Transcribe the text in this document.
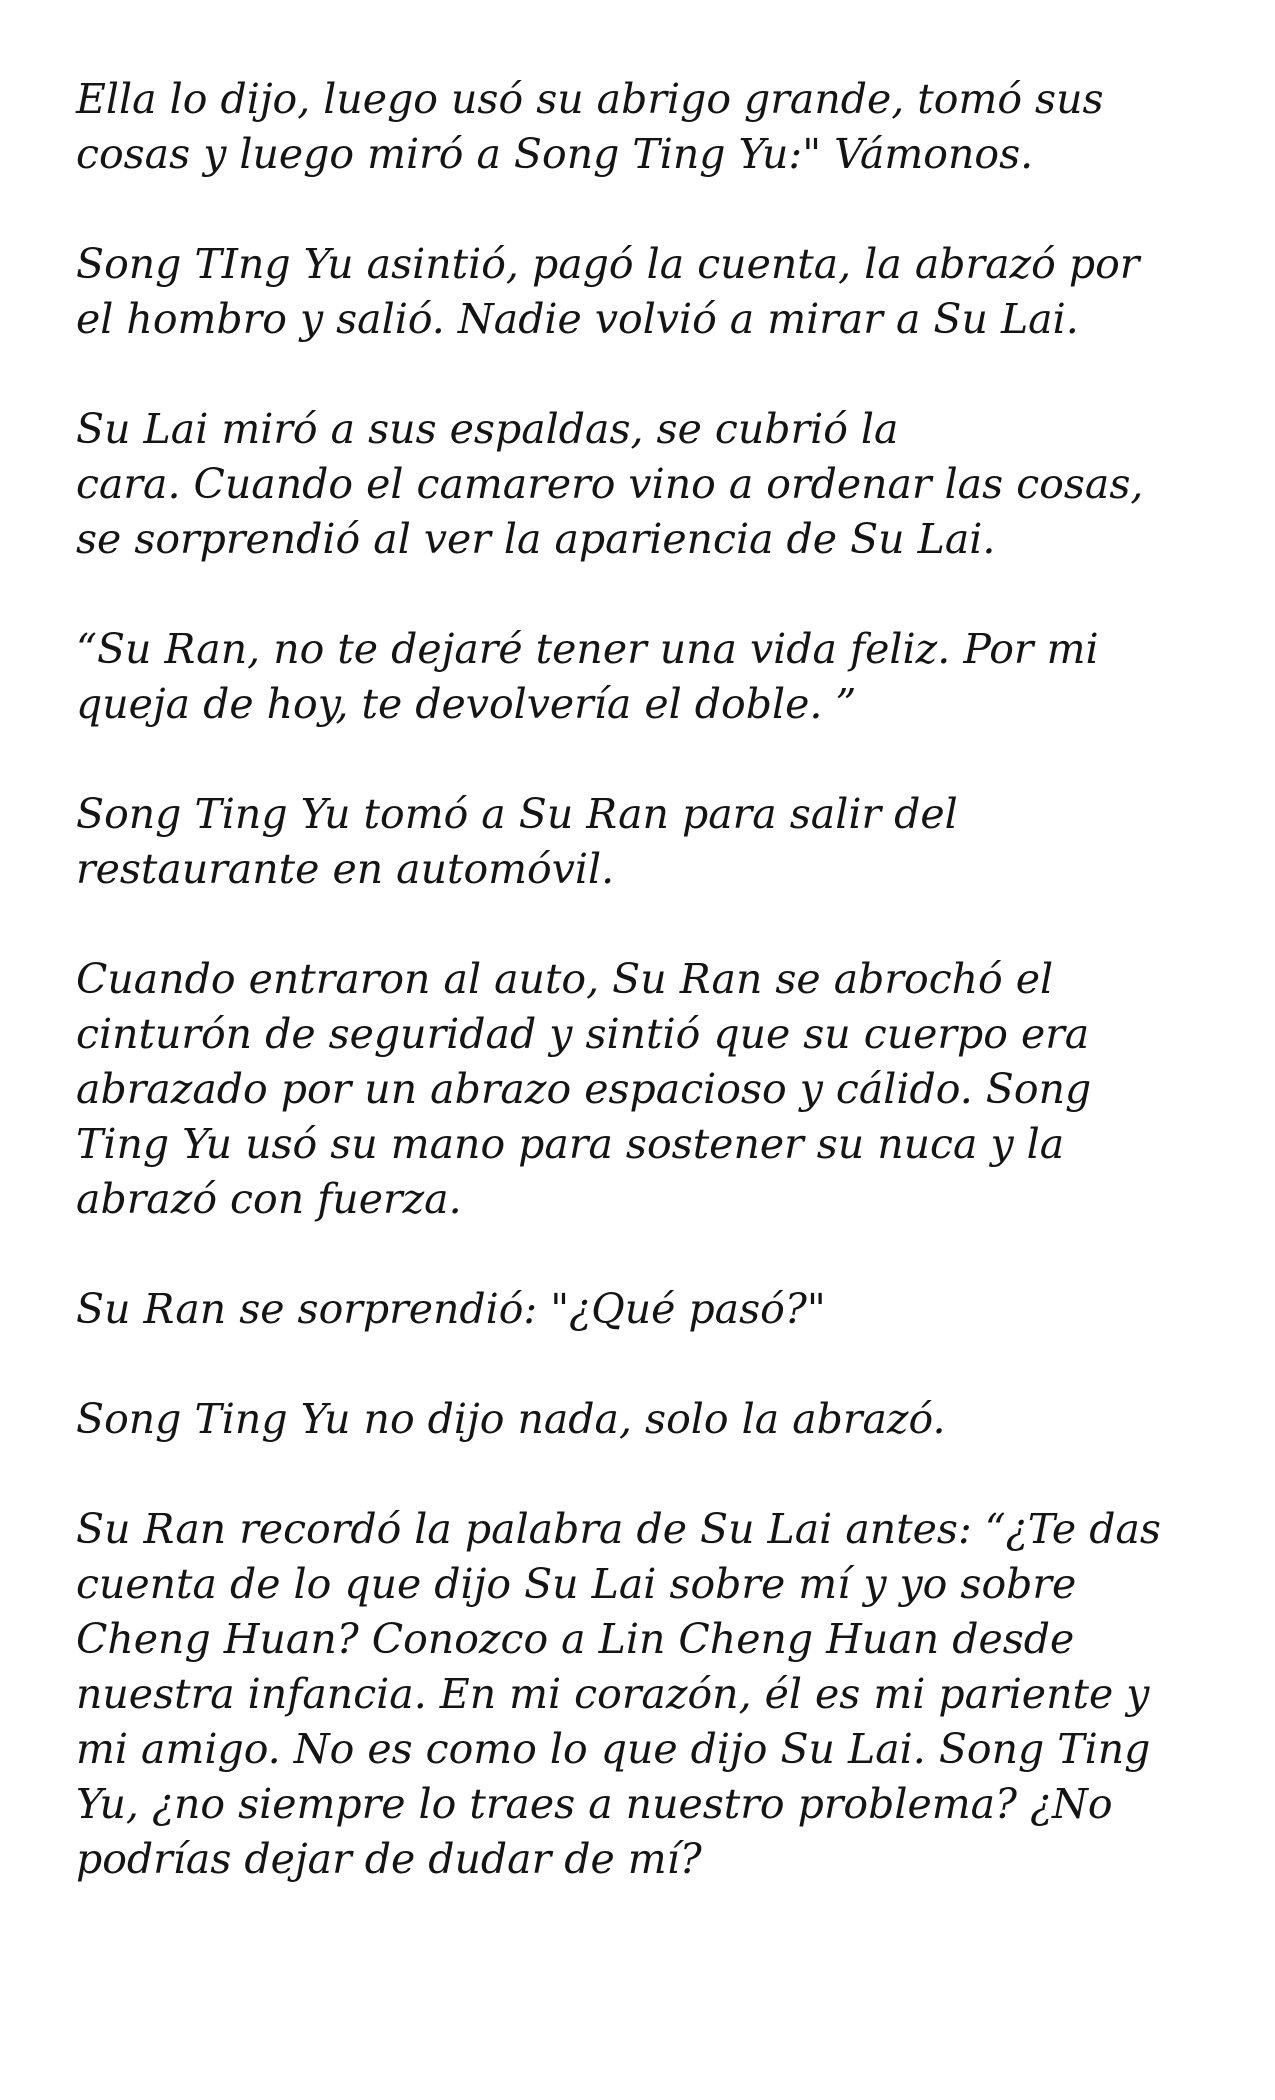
Ella lo dijo, luego usó su abrigo grande, tomó sus
cosas y luego miró a Song Ting Yu:" Vámonos.

Song TIng Yu asintió, pagó la cuenta, la abrazó por
el hombro y salió. Nadie volvió a mirar a Su Lai.

Su Lai miró a sus espaldas, se cubrió la
cara. Cuando el camarero vino a ordenar las cosas,
se sorprendió al ver la apariencia de Su Lai.

“Su Ran, no te dejaré tener una vida feliz. Por mi
queja de hoy, te devolvería el doble. ”

Song Ting Yu tomó a Su Ran para salir del
restaurante en automóvil.

Cuando entraron al auto, Su Ran se abrochó el
cinturón de seguridad y sintió que su cuerpo era
abrazado por un abrazo espacioso y cálido. Song
Ting Yu usó su mano para sostener su nuca y la
abrazó con fuerza.

Su Ran se sorprendió: "¿Qué pasó?"

Song Ting Yu no dijo nada, solo la abrazó.

Su Ran recordó la palabra de Su Lai antes: “¿Te das
cuenta de lo que dijo Su Lai sobre mí y yo sobre
Cheng Huan? Conozco a Lin Cheng Huan desde
nuestra infancia. En mi corazón, él es mi pariente y
mi amigo. No es como lo que dijo Su Lai. Song Ting
Yu, ¿no siempre lo traes a nuestro problema? ¿No
podrías dejar de dudar de mí?
